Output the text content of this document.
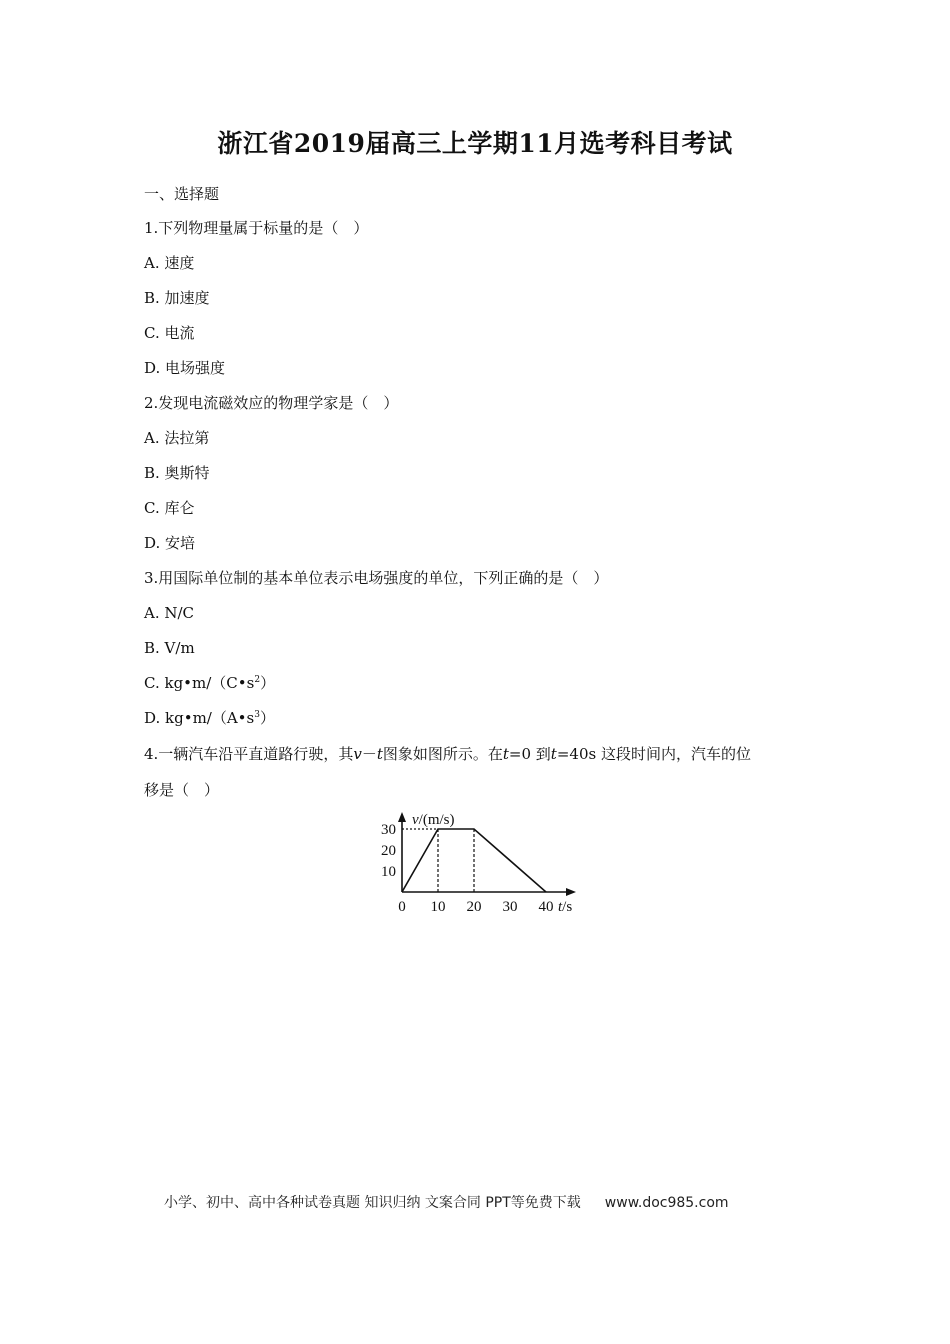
浙江省2019届高三上学期11月选考科目考试
一、选择题
1.下列物理量属于标量的是（　）
A. 速度
B. 加速度
C. 电流
D. 电场强度
2.发现电流磁效应的物理学家是（　）
A. 法拉第
B. 奥斯特
C. 库仑
D. 安培
3.用国际单位制的基本单位表示电场强度的单位，下列正确的是（　）
A. N/C
B. V/m
C. $kg•m/(C•s^2)$
D. $kg•m/(A•s^3)$
4.一辆汽车沿平直道路行驶，其v－t图象如图所示。在t=0 到t=40s 这段时间内，汽车的位
移是（　）
0 10 20 30 40
10
20
30
v/(m/s)
t/s
小学、初中、高中各种试卷真题 知识归纳 文案合同 PPT等免费下载 www.doc985.com
